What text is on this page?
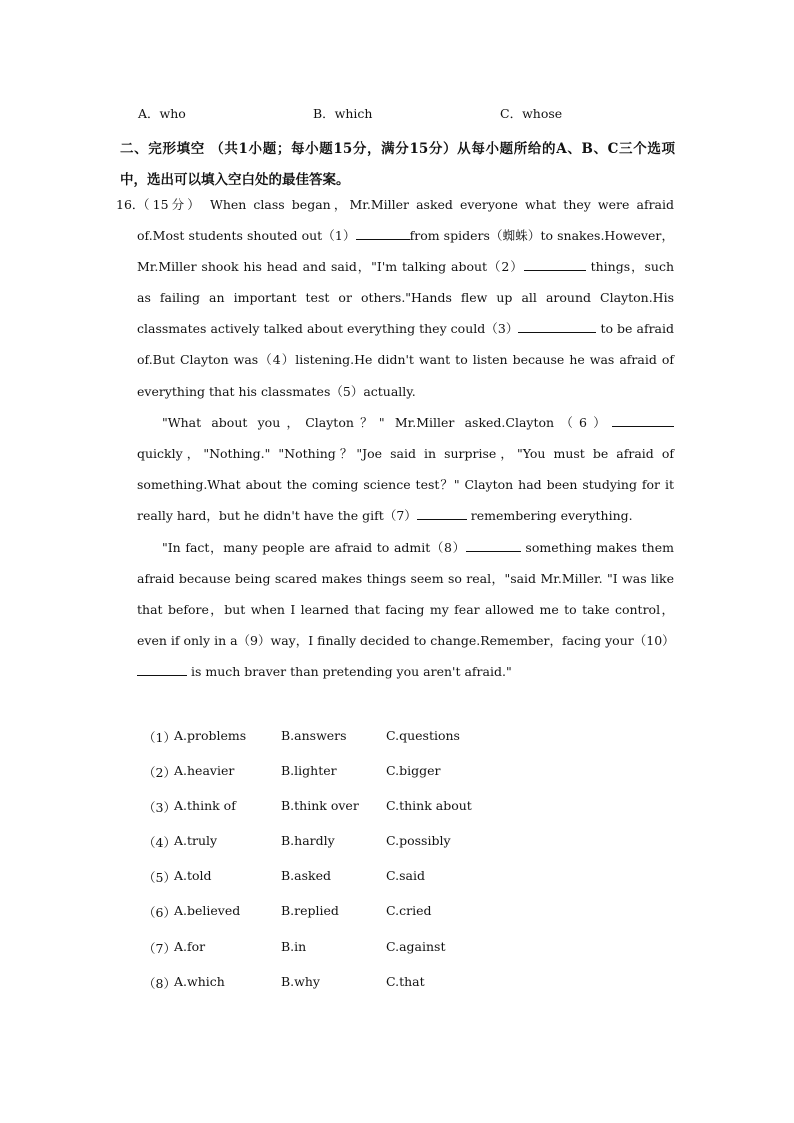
A．who	B．which	C．whose
二、完形填空 （共1小题；每小题15分，满分15分）从每小题所给的A、B、C三个选项中，选出可以填入空白处的最佳答案。
16．
（15分） When class began，Mr.Miller asked everyone what they were afraid of.Most students shouted out（1）	from spiders（蜘蛛）to snakes.However，Mr.Miller shook his head and said，"I'm talking about（2）	things，such as failing an important test or others."Hands flew up all around Clayton.His classmates actively talked about everything they could（3）	to be afraid of.But Clayton was（4）listening.He didn't want to listen because he was afraid of everything that his classmates（5）actually.
"What about you，Clayton？" Mr.Miller asked.Clayton（6） quickly，"Nothing." "Nothing？"Joe said in surprise，"You must be afraid of something.What about the coming science test？" Clayton had been studying for it really hard，but he didn't have the gift（7）	remembering everything.
"In fact，many people are afraid to admit（8）	something makes them afraid because being scared makes things seem so real，"said Mr.Miller. "I was like that before，but when I learned that facing my fear allowed me to take control，even if only in a（9）way，I finally decided to change.Remember，facing your（10） is much braver than pretending you aren't afraid."
（1）
A.problems	B.answers	C.questions
（2）
A.heavier	B.lighter	C.bigger
（3）
A.think of	B.think over C.think about
（4）
A.truly	B.hardly	C.possibly
（5）
A.told	B.asked	C.said
（6）
A.believed	B.replied	C.cried
（7）
A.for	B.in	C.against
（8）
A.which	B.why	C.that
